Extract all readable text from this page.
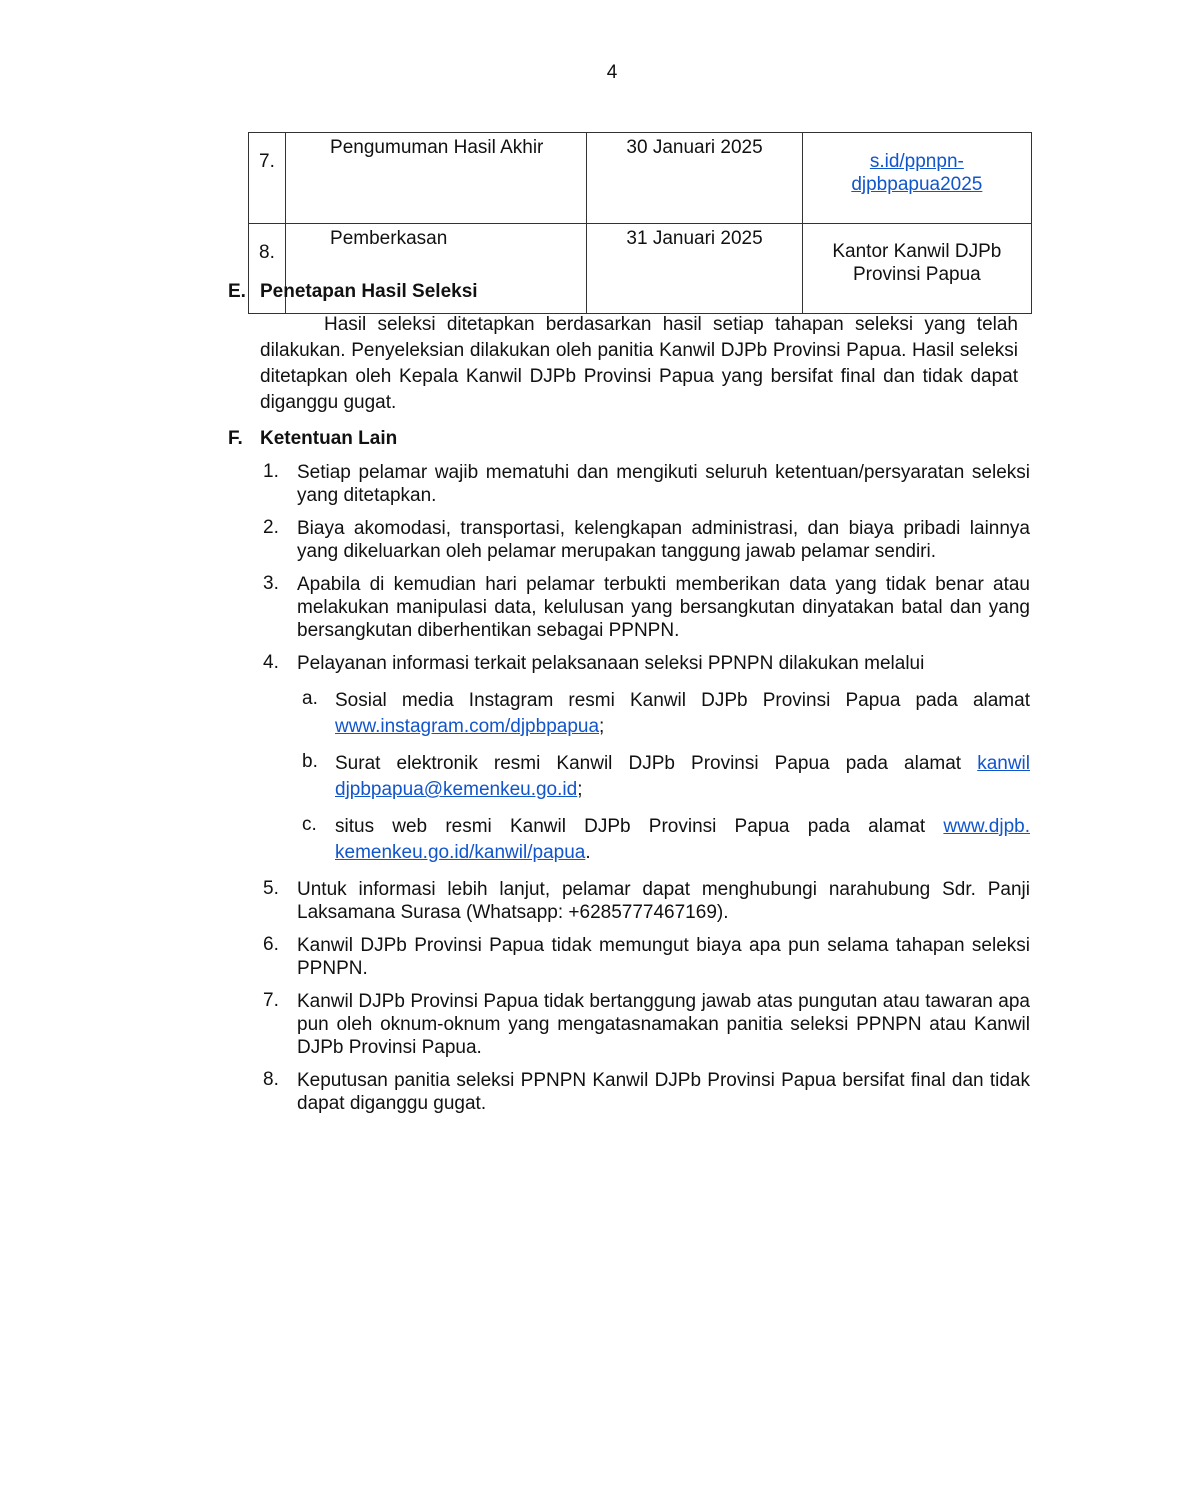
4
7.	Pengumuman Hasil Akhir	30 Januari 2025	s.id/ppnpn-
djpbpapua2025
8.	Pemberkasan	31 Januari 2025	Kantor Kanwil DJPb
Provinsi Papua
E. Penetapan Hasil Seleksi
Hasil seleksi ditetapkan berdasarkan hasil setiap tahapan seleksi yang telah dilakukan. Penyeleksian dilakukan oleh panitia Kanwil DJPb Provinsi Papua. Hasil seleksi ditetapkan oleh Kepala Kanwil DJPb Provinsi Papua yang bersifat final dan tidak dapat diganggu gugat.
F. Ketentuan Lain
1. Setiap pelamar wajib mematuhi dan mengikuti seluruh ketentuan/persyaratan seleksi yang ditetapkan.
2. Biaya akomodasi, transportasi, kelengkapan administrasi, dan biaya pribadi lainnya yang dikeluarkan oleh pelamar merupakan tanggung jawab pelamar sendiri.
3. Apabila di kemudian hari pelamar terbukti memberikan data yang tidak benar atau melakukan manipulasi data, kelulusan yang bersangkutan dinyatakan batal dan yang bersangkutan diberhentikan sebagai PPNPN.
4. Pelayanan informasi terkait pelaksanaan seleksi PPNPN dilakukan melalui
a. Sosial media Instagram resmi Kanwil DJPb Provinsi Papua pada alamat
www.instagram.com/djpbpapua;
b. Surat elektronik resmi Kanwil DJPb Provinsi Papua pada alamat kanwil
djpbpapua@kemenkeu.go.id;
c. situs web resmi Kanwil DJPb Provinsi Papua pada alamat www.djpb.
kemenkeu.go.id/kanwil/papua.
5. Untuk informasi lebih lanjut, pelamar dapat menghubungi narahubung Sdr. Panji Laksamana Surasa (Whatsapp: +6285777467169).
6. Kanwil DJPb Provinsi Papua tidak memungut biaya apa pun selama tahapan seleksi PPNPN.
7. Kanwil DJPb Provinsi Papua tidak bertanggung jawab atas pungutan atau tawaran apa pun oleh oknum-oknum yang mengatasnamakan panitia seleksi PPNPN atau Kanwil DJPb Provinsi Papua.
8. Keputusan panitia seleksi PPNPN Kanwil DJPb Provinsi Papua bersifat final dan tidak dapat diganggu gugat.
